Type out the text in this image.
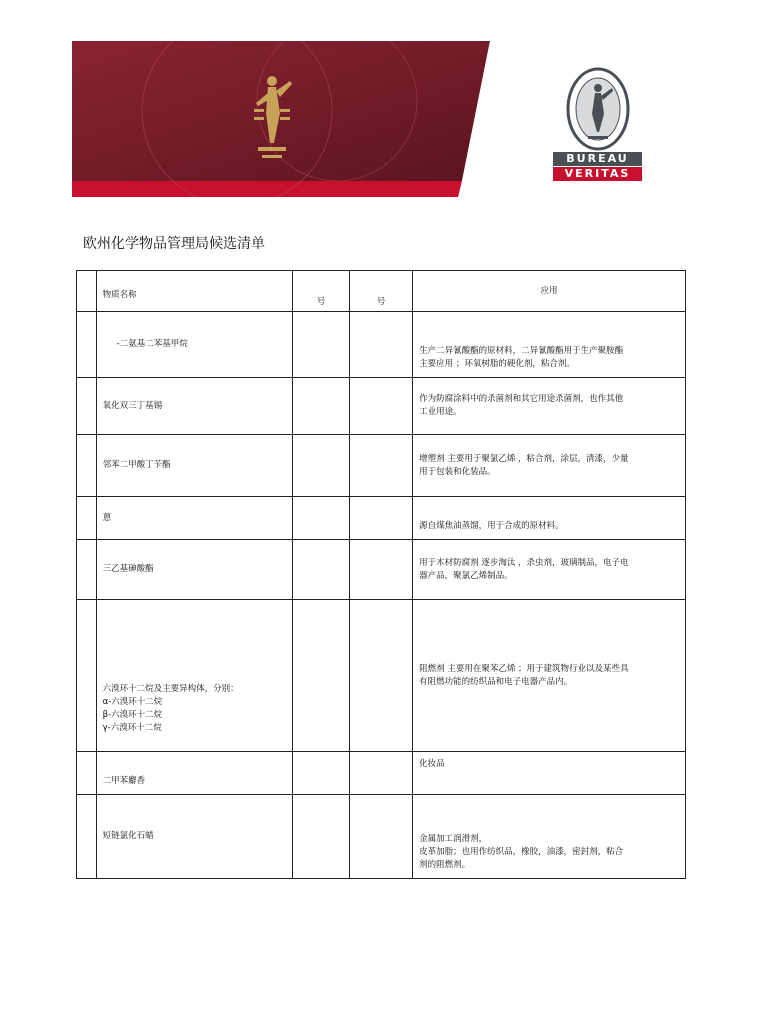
BUREAU
VERITAS
欧州化学物品管理局候选清单
	物质名称	号	号	应用
	-二氨基二苯基甲烷			生产二异氰酸酯的原材料，二异氰酸酯用于生产聚胺酯
主要应用 ；环氧树脂的硬化剂，粘合剂。
	氧化双三丁基锡			作为防腐涂料中的杀菌剂和其它用途杀菌剂，也作其他
工业用途。
	邻苯二甲酸丁苄酯			增塑剂 主要用于聚氯乙烯 ，粘合剂，涂层，清漆，少量
用于包装和化装品。
	蒽			源自煤焦油蒸馏，用于合成的原材料。
	三乙基砷酸酯			用于木材防腐剂 逐步淘汰 ，杀虫剂，玻璃制品，电子电
器产品，聚氯乙烯制品。
	六溴环十二烷及主要异构体，分别：
α-六溴环十二烷
β-六溴环十二烷
γ-六溴环十二烷			阻燃剂 主要用在聚苯乙烯 ；用于建筑物行业以及某些具
有阻燃功能的纺织品和电子电器产品内。
	二甲苯麝香			化妆品
	短链氯化石蜡			金属加工润滑剂，
皮革加脂；也用作纺织品，橡胶，油漆，密封剂，粘合
剂的阻燃剂。
